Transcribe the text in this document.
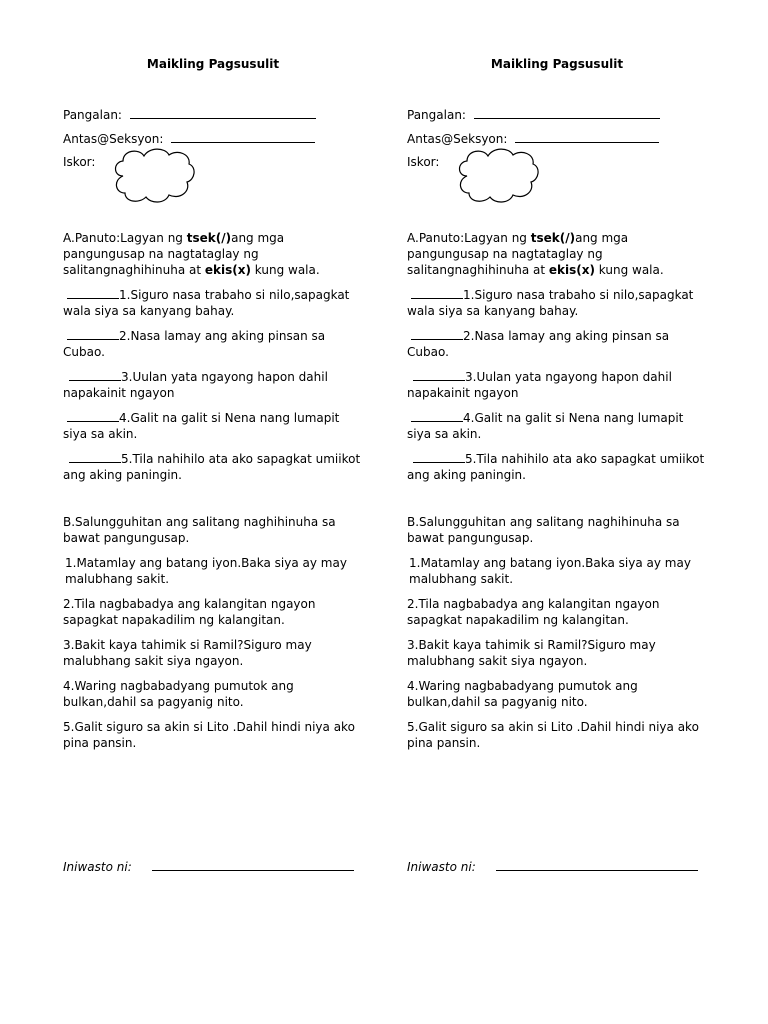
Maikling Pagsusulit
Pangalan:
Antas@Seksyon:
Iskor:
A.Panuto:Lagyan ng tsek(/)ang mga pangungusap na nagtataglay ng salitangnaghihinuha at ekis(x) kung wala.
1.Siguro nasa trabaho si nilo,sapagkat wala siya sa kanyang bahay.
2.Nasa lamay ang aking pinsan sa Cubao.
3.Uulan yata ngayong hapon dahil napakainit ngayon
4.Galit na galit si Nena nang lumapit siya sa akin.
5.Tila nahihilo ata ako sapagkat umiikot ang aking paningin.
B.Salungguhitan ang salitang naghihinuha sa bawat pangungusap.
1.Matamlay ang batang iyon.Baka siya ay may malubhang sakit.
2.Tila nagbabadya ang kalangitan ngayon sapagkat napakadilim ng kalangitan.
3.Bakit kaya tahimik si Ramil?Siguro may malubhang sakit siya ngayon.
4.Waring nagbabadyang pumutok ang bulkan,dahil sa pagyanig nito.
5.Galit siguro sa akin si Lito .Dahil hindi niya ako pina pansin.
Iniwasto ni:
Maikling Pagsusulit
Pangalan:
Antas@Seksyon:
Iskor:
A.Panuto:Lagyan ng tsek(/)ang mga pangungusap na nagtataglay ng salitangnaghihinuha at ekis(x) kung wala.
1.Siguro nasa trabaho si nilo,sapagkat wala siya sa kanyang bahay.
2.Nasa lamay ang aking pinsan sa Cubao.
3.Uulan yata ngayong hapon dahil napakainit ngayon
4.Galit na galit si Nena nang lumapit siya sa akin.
5.Tila nahihilo ata ako sapagkat umiikot ang aking paningin.
B.Salungguhitan ang salitang naghihinuha sa bawat pangungusap.
1.Matamlay ang batang iyon.Baka siya ay may malubhang sakit.
2.Tila nagbabadya ang kalangitan ngayon sapagkat napakadilim ng kalangitan.
3.Bakit kaya tahimik si Ramil?Siguro may malubhang sakit siya ngayon.
4.Waring nagbabadyang pumutok ang bulkan,dahil sa pagyanig nito.
5.Galit siguro sa akin si Lito .Dahil hindi niya ako pina pansin.
Iniwasto ni:
